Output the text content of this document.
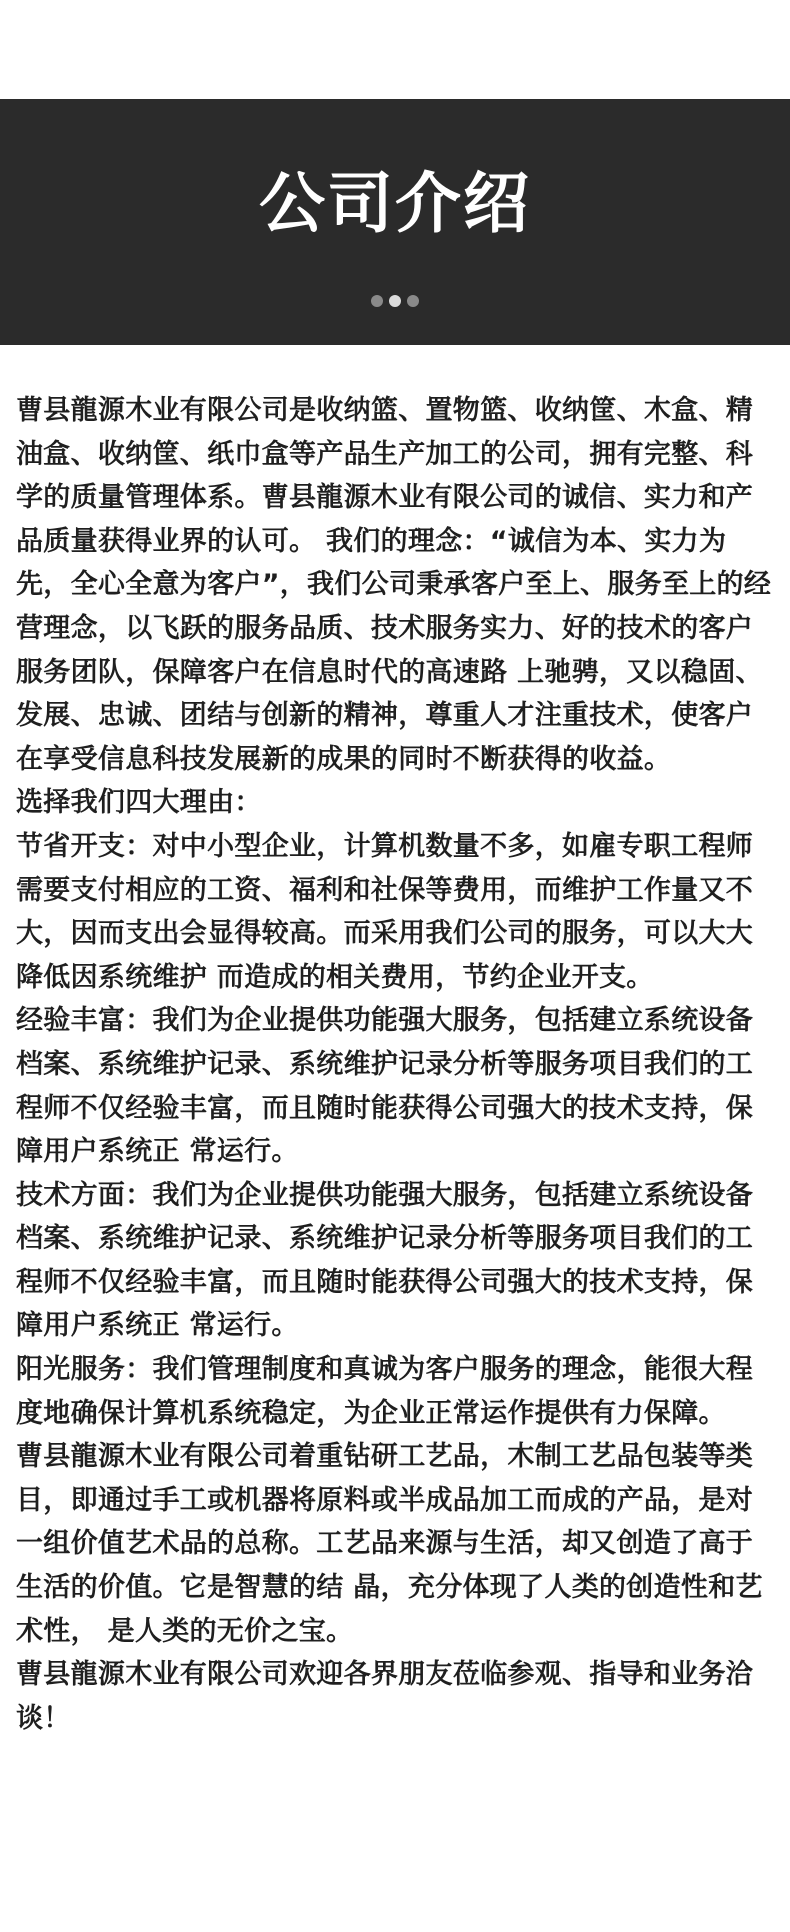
公司介绍

曹县龍源木业有限公司是收纳篮、置物篮、收纳筐、木盒、精油盒、收纳筐、纸巾盒等产品生产加工的公司，拥有完整、科学的质量管理体系。曹县龍源木业有限公司的诚信、实力和产品质量获得业界的认可。 我们的理念：“诚信为本、实力为先，全心全意为客户”，我们公司秉承客户至上、服务至上的经营理念，以飞跃的服务品质、技术服务实力、好的技术的客户服务团队，保障客户在信息时代的高速路 上驰骋，又以稳固、发展、忠诚、团结与创新的精神，尊重人才注重技术，使客户在享受信息科技发展新的成果的同时不断获得的收益。

选择我们四大理由：

节省开支：对中小型企业，计算机数量不多，如雇专职工程师需要支付相应的工资、福利和社保等费用，而维护工作量又不大，因而支出会显得较高。而采用我们公司的服务，可以大大降低因系统维护 而造成的相关费用，节约企业开支。

经验丰富：我们为企业提供功能强大服务，包括建立系统设备档案、系统维护记录、系统维护记录分析等服务项目我们的工程师不仅经验丰富，而且随时能获得公司强大的技术支持，保障用户系统正 常运行。

技术方面：我们为企业提供功能强大服务，包括建立系统设备档案、系统维护记录、系统维护记录分析等服务项目我们的工程师不仅经验丰富，而且随时能获得公司强大的技术支持，保障用户系统正 常运行。

阳光服务：我们管理制度和真诚为客户服务的理念，能很大程度地确保计算机系统稳定，为企业正常运作提供有力保障。

曹县龍源木业有限公司着重钻研工艺品，木制工艺品包装等类目，即通过手工或机器将原料或半成品加工而成的产品，是对一组价值艺术品的总称。工艺品来源与生活，却又创造了高于生活的价值。它是智慧的结 晶，充分体现了人类的创造性和艺术性， 是人类的无价之宝。

曹县龍源木业有限公司欢迎各界朋友莅临参观、指导和业务洽谈！
